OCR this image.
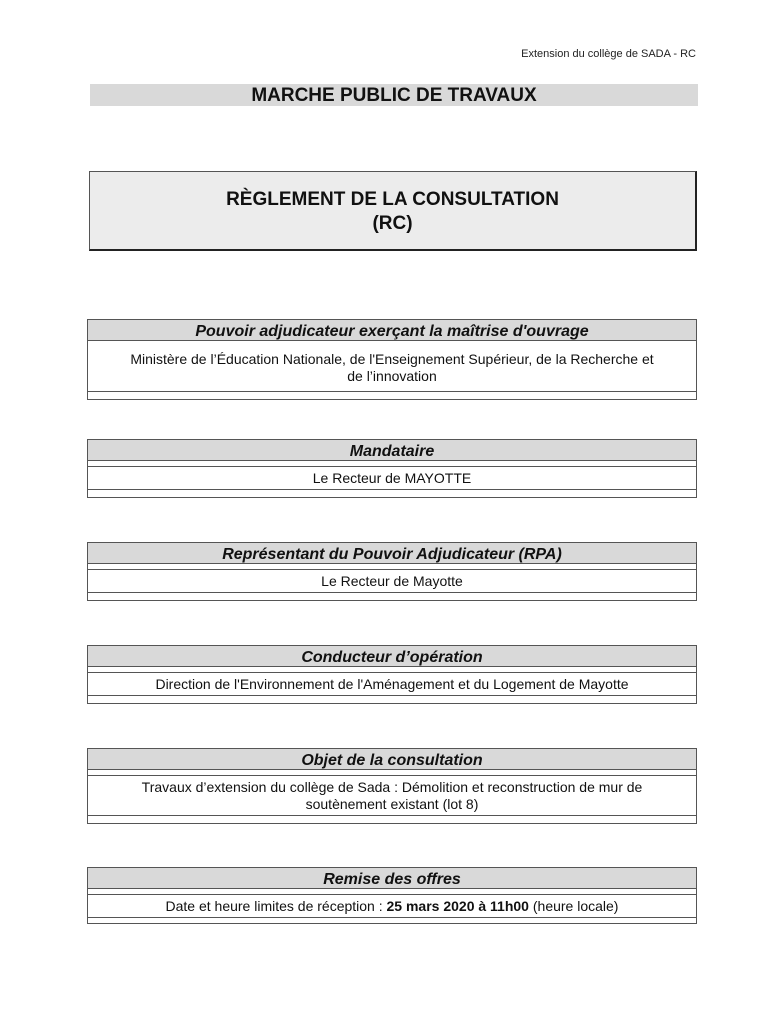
Extension du collège de SADA - RC
MARCHE PUBLIC DE TRAVAUX
RÈGLEMENT DE LA CONSULTATION
(RC)
Pouvoir adjudicateur exerçant la maîtrise d'ouvrage
Ministère de l’Éducation Nationale, de l'Enseignement Supérieur, de la Recherche et de l’innovation
Mandataire
Le Recteur de MAYOTTE
Représentant du Pouvoir Adjudicateur (RPA)
Le Recteur de Mayotte
Conducteur d’opération
Direction de l'Environnement de l'Aménagement et du Logement de Mayotte
Objet de la consultation
Travaux d’extension du collège de Sada : Démolition et reconstruction de mur de soutènement existant (lot 8)
Remise des offres
Date et heure limites de réception : 25 mars 2020 à 11h00 (heure locale)
